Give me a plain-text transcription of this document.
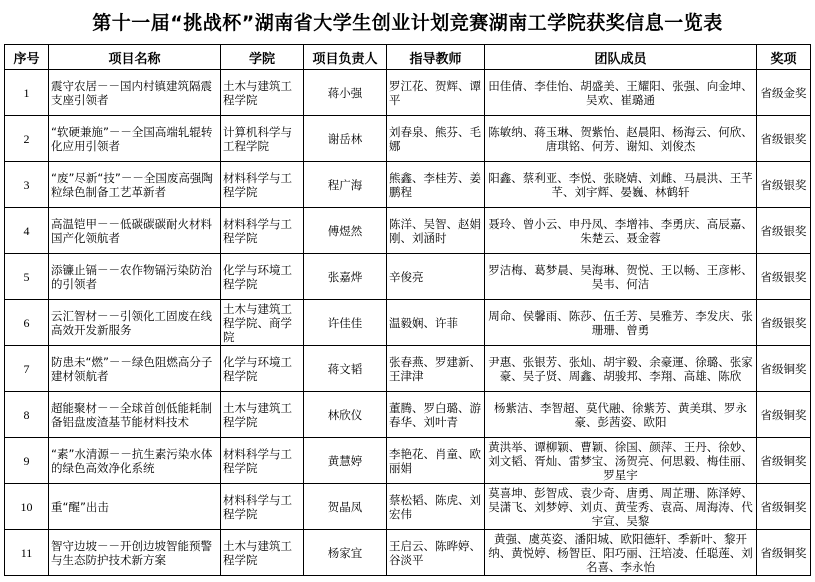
第十一届“挑战杯”湖南省大学生创业计划竞赛湖南工学院获奖信息一览表
序号	项目名称	学院	项目负责人	指导教师	团队成员	奖项
1	震守农居－－国内村镇建筑隔震支座引领者	土木与建筑工程学院	蒋小强	罗江花、贺辉、谭平	田佳倩、李佳怡、胡盛美、王耀阳、张强、向金坤、吴欢、崔璐通	省级金奖
2	“软硬兼施”－－全国高端轧辊转化应用引领者	计算机科学与工程学院	谢岳林	刘春泉、熊芬、毛娜	陈敏纳、蒋玉琳、贺紫怡、赵晨阳、杨海云、何欣、唐琪铭、何芳、谢知、刘俊杰	省级银奖
3	“废”尽新“技”－－全国废高强陶粒绿色制备工艺革新者	材料科学与工程学院	程广海	熊鑫、李桂芳、姜鹏程	阳鑫、蔡利亚、李悦、张晓婧、刘雌、马晨洪、王芊芊、刘宇辉、晏巍、林鹤轩	省级银奖
4	高温铠甲－－低碳碳碳耐火材料国产化领航者	材料科学与工程学院	傅煜然	陈洋、吴智、赵娟刚、刘涵时	聂玲、曾小云、申丹凤、李增祎、李勇庆、高辰嘉、朱楚云、聂金蓉	省级银奖
5	添镰止镉－－农作物镉污染防治的引领者	化学与环境工程学院	张嘉烨	辛俊亮	罗洁梅、葛梦晨、吴海琳、贺悦、王以畅、王彦彬、吴韦、何洁	省级银奖
6	云汇智材－－引领化工固废在线高效开发新服务	土木与建筑工程学院、商学院	许佳佳	温毅娴、许菲	周命、侯馨雨、陈莎、伍壬芳、吴雅芳、李发庆、张珊珊、曾勇	省级银奖
7	防患未“燃”－－绿色阻燃高分子建材领航者	化学与环境工程学院	蒋文韬	张春燕、罗建新、王津津	尹惠、张银芳、张灿、胡宇毅、余豪運、徐璐、张家豪、吴子贤、周鑫、胡骏邦、李翔、高雄、陈欣	省级铜奖
8	超能聚材－－全球首创低能耗制备铝盘废渣基节能材料技术	土木与建筑工程学院	林欣仪	董腾、罗白璐、游春华、刘叶青	杨紫洁、李智超、莫代融、徐紫芳、黄美琪、罗永豪、彭茜姿、欧阳	省级铜奖
9	“素”水清源－－抗生素污染水体的绿色高效净化系统	材料科学与工程学院	黄慧婷	李艳花、肖童、欧丽娟	黄洪举、谭柳颖、曹颖、徐国、颜萍、王丹、徐妙、刘文韬、胥灿、雷梦宝、汤贺亮、何思毅、梅佳丽、罗星宇	省级铜奖
10	重“醒”出击	材料科学与工程学院	贺晶凤	蔡松韬、陈虎、刘宏伟	莫喜坤、彭智成、袁少奇、唐勇、周芷珊、陈泽婷、吴潇飞、刘梦婷、刘贞、黄莹秀、袁高、周海涛、代宇宣、吴黎	省级铜奖
11	智守边坡－－开创边坡智能预警与生态防护技术新方案	土木与建筑工程学院	杨家宜	王启云、陈晔婷、谷淡平	黄强、虞英姿、潘阳城、欧阳德轩、季新叶、黎开纳、黄悦婷、杨智臣、阳巧丽、汪培凌、任聪莲、刘名喜、李永怡	省级铜奖
